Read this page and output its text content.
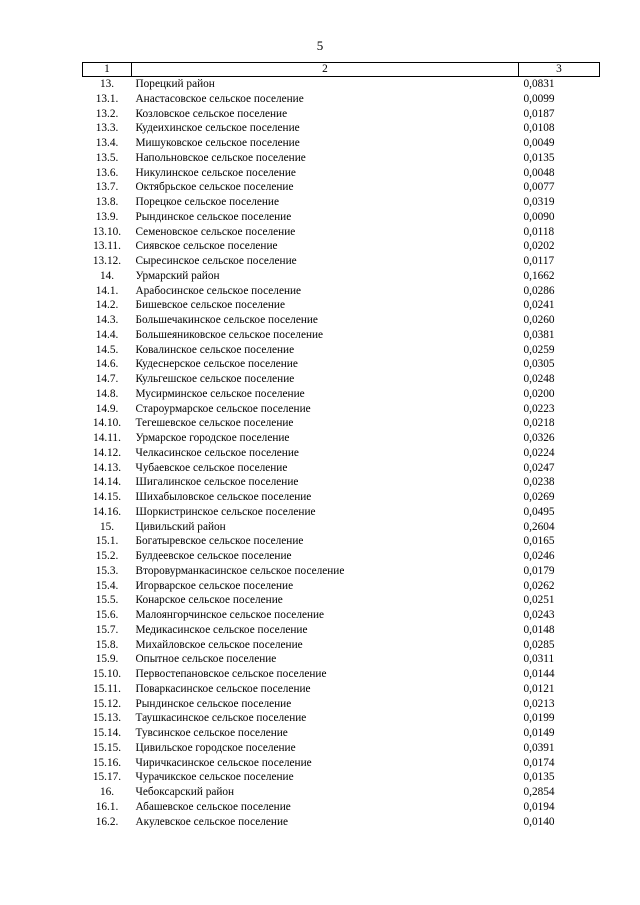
5
1	2	3
13.	Порецкий район	0,0831
13.1.	Анастасовское сельское поселение	0,0099
13.2.	Козловское сельское поселение	0,0187
13.3.	Кудеихинское сельское поселение	0,0108
13.4.	Мишуковское сельское поселение	0,0049
13.5.	Напольновское сельское поселение	0,0135
13.6.	Никулинское сельское поселение	0,0048
13.7.	Октябрьское сельское поселение	0,0077
13.8.	Порецкое сельское поселение	0,0319
13.9.	Рындинское сельское поселение	0,0090
13.10.	Семеновское сельское поселение	0,0118
13.11.	Сиявское сельское поселение	0,0202
13.12.	Сыресинское сельское поселение	0,0117
14.	Урмарский район	0,1662
14.1.	Арабосинское сельское поселение	0,0286
14.2.	Бишевское сельское поселение	0,0241
14.3.	Большечакинское сельское поселение	0,0260
14.4.	Большеяниковское сельское поселение	0,0381
14.5.	Ковалинское сельское поселение	0,0259
14.6.	Кудеснерское сельское поселение	0,0305
14.7.	Кульгешское сельское поселение	0,0248
14.8.	Мусирминское сельское поселение	0,0200
14.9.	Староурмарское сельское поселение	0,0223
14.10.	Тегешевское сельское поселение	0,0218
14.11.	Урмарское городское поселение	0,0326
14.12.	Челкасинское сельское поселение	0,0224
14.13.	Чубаевское сельское поселение	0,0247
14.14.	Шигалинское сельское поселение	0,0238
14.15.	Шихабыловское сельское поселение	0,0269
14.16.	Шоркистринское сельское поселение	0,0495
15.	Цивильский район	0,2604
15.1.	Богатыревское сельское поселение	0,0165
15.2.	Булдеевское сельское поселение	0,0246
15.3.	Второвурманкасинское сельское поселение	0,0179
15.4.	Игорварское сельское поселение	0,0262
15.5.	Конарское сельское поселение	0,0251
15.6.	Малоянгорчинское сельское поселение	0,0243
15.7.	Медикасинское сельское поселение	0,0148
15.8.	Михайловское сельское поселение	0,0285
15.9.	Опытное сельское поселение	0,0311
15.10.	Первостепановское сельское поселение	0,0144
15.11.	Поваркасинское сельское поселение	0,0121
15.12.	Рындинское сельское поселение	0,0213
15.13.	Таушкасинское сельское поселение	0,0199
15.14.	Тувсинское сельское поселение	0,0149
15.15.	Цивильское городское поселение	0,0391
15.16.	Чиричкасинское сельское поселение	0,0174
15.17.	Чурачикское сельское поселение	0,0135
16.	Чебоксарский район	0,2854
16.1.	Абашевское сельское поселение	0,0194
16.2.	Акулевское сельское поселение	0,0140
